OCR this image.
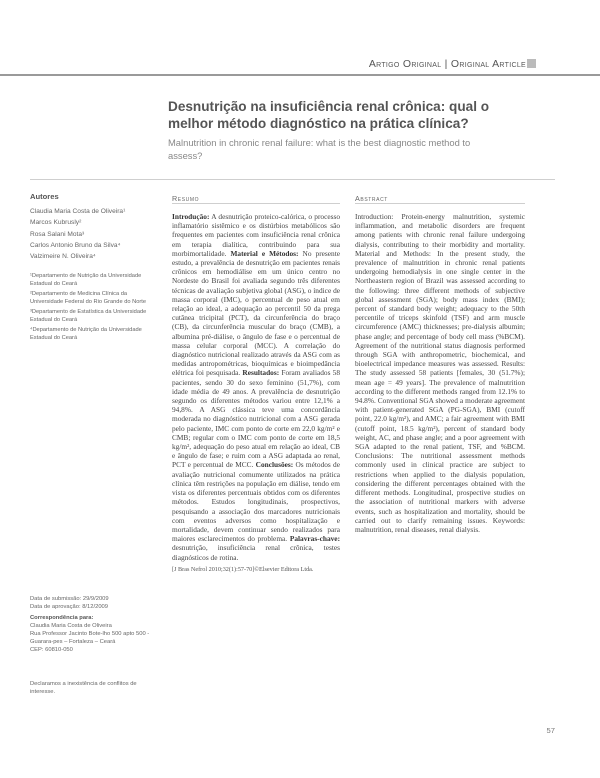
Artigo Original | Original Article
Desnutrição na insuficiência renal crônica: qual o melhor método diagnóstico na prática clínica?
Malnutrition in chronic renal failure: what is the best diagnostic method to assess?
Autores
Claudia Maria Costa de Oliveira¹
Marcos Kubrusly²
Rosa Salani Mota³
Carlos Antonio Bruno da Silva⁴
Valzimeire N. Oliveira⁴
¹Departamento de Nutrição da Universidade Estadual do Ceará
²Departamento de Medicina Clínica da Universidade Federal do Rio Grande do Norte
³Departamento de Estatística da Universidade Estadual do Ceará
⁴Departamento de Nutrição da Universidade Estadual do Ceará
Data de submissão: 29/9/2009
Data de aprovação: 8/12/2009
Correspondência para:
Claudia Maria Costa de Oliveira
Rua Professor Jacinto Bote-lho 500 apto 500 - Guarara-pes – Fortaleza – Ceará
CEP: 60810-050
Declaramos a inexistência de conflitos de interesse.
Resumo
Introdução: A desnutrição proteico-calórica, o processo inflamatório sistêmico e os distúrbios metabólicos são frequentes em pacientes com insuficiência renal crônica em terapia dialítica, contribuindo para sua morbimortalidade. Material e Métodos: No presente estudo, a prevalência de desnutrição em pacientes renais crônicos em hemodiálise em um único centro no Nordeste do Brasil foi avaliada segundo três diferentes técnicas de avaliação subjetiva global (ASG), o índice de massa corporal (IMC), o percentual de peso atual em relação ao ideal, a adequação ao percentil 50 da prega cutânea tricipital (PCT), da circunferência do braço (CB), da circunferência muscular do braço (CMB), a albumina pré-diálise, o ângulo de fase e o percentual de massa celular corporal (MCC). A correlação do diagnóstico nutricional realizado através da ASG com as medidas antropométricas, bioquímicas e bioimpedância elétrica foi pesquisada. Resultados: Foram avaliados 58 pacientes, sendo 30 do sexo feminino (51,7%), com idade média de 49 anos. A prevalência de desnutrição segundo os diferentes métodos variou entre 12,1% a 94,8%. A ASG clássica teve uma concordância moderada no diagnóstico nutricional com a ASG gerada pelo paciente, IMC com ponto de corte em 22,0 kg/m² e CMB; regular com o IMC com ponto de corte em 18,5 kg/m², adequação do peso atual em relação ao ideal, CB e ângulo de fase; e ruim com a ASG adaptada ao renal, PCT e percentual de MCC. Conclusões: Os métodos de avaliação nutricional comumente utilizados na prática clínica têm restrições na população em diálise, tendo em vista os diferentes percentuais obtidos com os diferentes métodos. Estudos longitudinais, prospectivos, pesquisando a associação dos marcadores nutricionais com eventos adversos como hospitalização e mortalidade, devem continuar sendo realizados para maiores esclarecimentos do problema. Palavras-chave: desnutrição, insuficiência renal crônica, testes diagnósticos de rotina.
[J Bras Nefrol 2010;32(1):57-70]©Elsevier Editora Ltda.
Abstract
Introduction: Protein-energy malnutrition, systemic inflammation, and metabolic disorders are frequent among patients with chronic renal failure undergoing dialysis, contributing to their morbidity and mortality. Material and Methods: In the present study, the prevalence of malnutrition in chronic renal patients undergoing hemodialysis in one single center in the Northeastern region of Brazil was assessed according to the following: three different methods of subjective global assessment (SGA); body mass index (BMI); percent of standard body weight; adequacy to the 50th percentile of triceps skinfold (TSF) and arm muscle circumference (AMC) thicknesses; pre-dialysis albumin; phase angle; and percentage of body cell mass (%BCM). Agreement of the nutritional status diagnosis performed through SGA with anthropometric, biochemical, and bioelectrical impedance measures was assessed. Results: The study assessed 58 patients [females, 30 (51.7%); mean age = 49 years]. The prevalence of malnutrition according to the different methods ranged from 12.1% to 94.8%. Conventional SGA showed a moderate agreement with patient-generated SGA (PG-SGA), BMI (cutoff point, 22.0 kg/m²), and AMC; a fair agreement with BMI (cutoff point, 18.5 kg/m²), percent of standard body weight, AC, and phase angle; and a poor agreement with SGA adapted to the renal patient, TSF, and %BCM. Conclusions: The nutritional assessment methods commonly used in clinical practice are subject to restrictions when applied to the dialysis population, considering the different percentages obtained with the different methods. Longitudinal, prospective studies on the association of nutritional markers with adverse events, such as hospitalization and mortality, should be carried out to clarify remaining issues. Keywords: malnutrition, renal diseases, renal dialysis.
57
